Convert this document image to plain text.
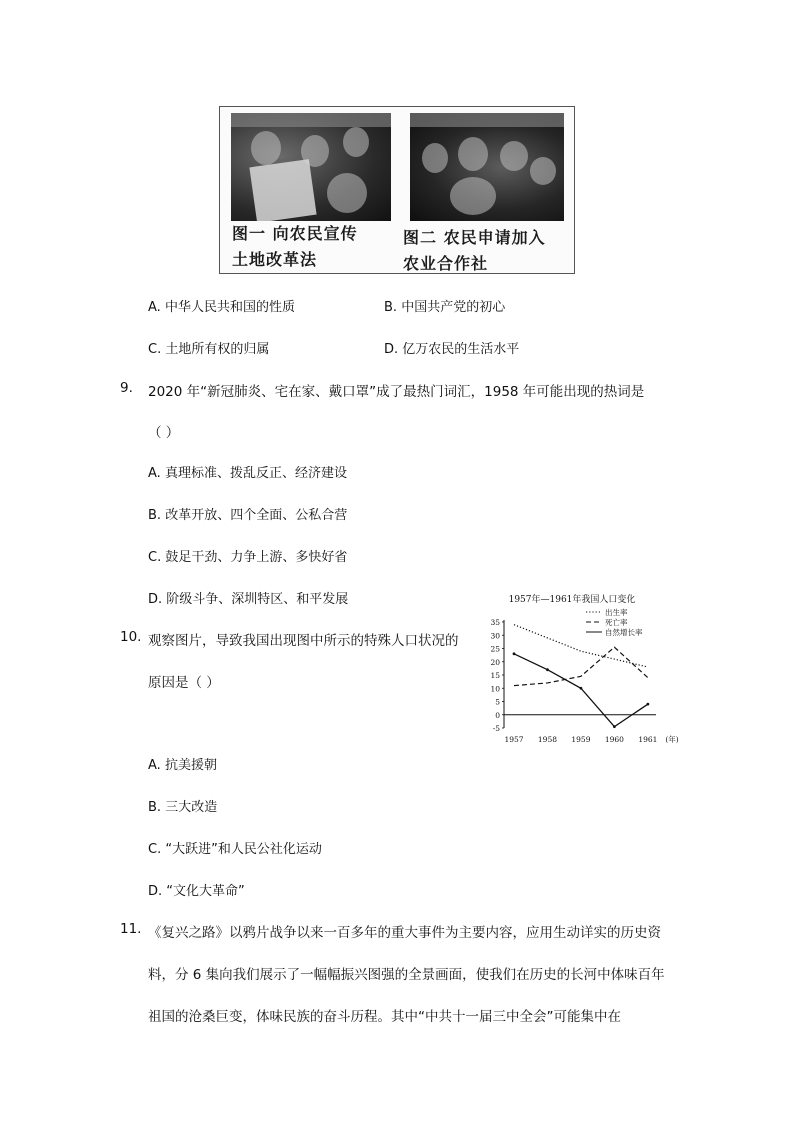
图一 向农民宣传
土地改革法
图二 农民申请加入
农业合作社
A. 中华人民共和国的性质	B. 中国共产党的初心
C. 土地所有权的归属	D. 亿万农民的生活水平
9. 2020 年“新冠肺炎、宅在家、戴口罩”成了最热门词汇，1958 年可能出现的热词是
（ ）
A. 真理标准、拨乱反正、经济建设
B. 改革开放、四个全面、公私合营
C. 鼓足干劲、力争上游、多快好省
D. 阶级斗争、深圳特区、和平发展
10. 观察图片，导致我国出现图中所示的特殊人口状况的
原因是（ ）
1957年—1961年我国人口变化
出生率
死亡率
自然增长率
-5
0
5
10
15
20
25
30
35
1957 1958 1959 1960 1961 (年)
A. 抗美援朝
B. 三大改造
C. “大跃进”和人民公社化运动
D. “文化大革命”
11. 《复兴之路》以鸦片战争以来一百多年的重大事件为主要内容，应用生动详实的历史资
料，分 6 集向我们展示了一幅幅振兴图强的全景画面，使我们在历史的长河中体味百年
祖国的沧桑巨变，体味民族的奋斗历程。其中“中共十一届三中全会”可能集中在
